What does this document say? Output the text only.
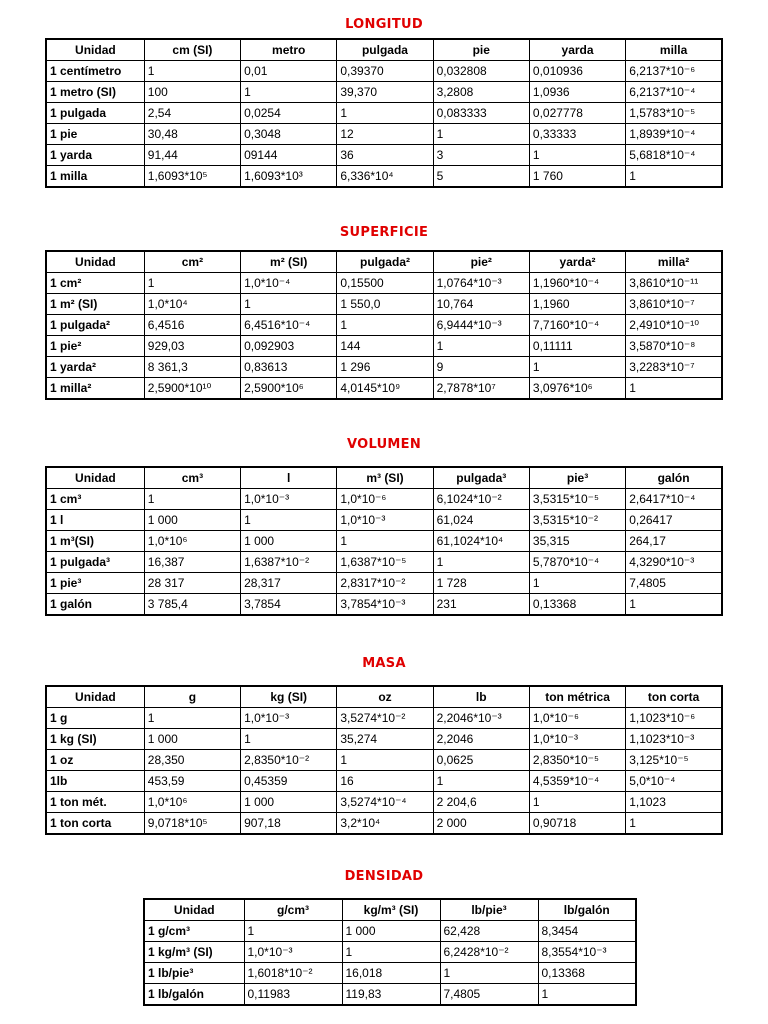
LONGITUD
Unidad	cm (SI)	metro	pulgada	pie	yarda	milla
1 centímetro	1	0,01	0,39370	0,032808	0,010936	6,2137*10⁻⁶
1 metro (SI)	100	1	39,370	3,2808	1,0936	6,2137*10⁻⁴
1 pulgada	2,54	0,0254	1	0,083333	0,027778	1,5783*10⁻⁵
1 pie	30,48	0,3048	12	1	0,33333	1,8939*10⁻⁴
1 yarda	91,44	09144	36	3	1	5,6818*10⁻⁴
1 milla	1,6093*10⁵	1,6093*10³	6,336*10⁴	5	1 760	1
SUPERFICIE
Unidad	cm²	m² (SI)	pulgada²	pie²	yarda²	milla²
1 cm²	1	1,0*10⁻⁴	0,15500	1,0764*10⁻³	1,1960*10⁻⁴	3,8610*10⁻¹¹
1 m² (SI)	1,0*10⁴	1	1 550,0	10,764	1,1960	3,8610*10⁻⁷
1 pulgada²	6,4516	6,4516*10⁻⁴	1	6,9444*10⁻³	7,7160*10⁻⁴	2,4910*10⁻¹⁰
1 pie²	929,03	0,092903	144	1	0,11111	3,5870*10⁻⁸
1 yarda²	8 361,3	0,83613	1 296	9	1	3,2283*10⁻⁷
1 milla²	2,5900*10¹⁰	2,5900*10⁶	4,0145*10⁹	2,7878*10⁷	3,0976*10⁶	1
VOLUMEN
Unidad	cm³	l	m³ (SI)	pulgada³	pie³	galón
1 cm³	1	1,0*10⁻³	1,0*10⁻⁶	6,1024*10⁻²	3,5315*10⁻⁵	2,6417*10⁻⁴
1 l	1 000	1	1,0*10⁻³	61,024	3,5315*10⁻²	0,26417
1 m³(SI)	1,0*10⁶	1 000	1	61,1024*10⁴	35,315	264,17
1 pulgada³	16,387	1,6387*10⁻²	1,6387*10⁻⁵	1	5,7870*10⁻⁴	4,3290*10⁻³
1 pie³	28 317	28,317	2,8317*10⁻²	1 728	1	7,4805
1 galón	3 785,4	3,7854	3,7854*10⁻³	231	0,13368	1
MASA
Unidad	g	kg (SI)	oz	lb	ton métrica	ton corta
1 g	1	1,0*10⁻³	3,5274*10⁻²	2,2046*10⁻³	1,0*10⁻⁶	1,1023*10⁻⁶
1 kg (SI)	1 000	1	35,274	2,2046	1,0*10⁻³	1,1023*10⁻³
1 oz	28,350	2,8350*10⁻²	1	0,0625	2,8350*10⁻⁵	3,125*10⁻⁵
1lb	453,59	0,45359	16	1	4,5359*10⁻⁴	5,0*10⁻⁴
1 ton mét.	1,0*10⁶	1 000	3,5274*10⁻⁴	2 204,6	1	1,1023
1 ton corta	9,0718*10⁵	907,18	3,2*10⁴	2 000	0,90718	1
DENSIDAD
Unidad	g/cm³	kg/m³ (SI)	lb/pie³	lb/galón
1 g/cm³	1	1 000	62,428	8,3454
1 kg/m³ (SI)	1,0*10⁻³	1	6,2428*10⁻²	8,3554*10⁻³
1 lb/pie³	1,6018*10⁻²	16,018	1	0,13368
1 lb/galón	0,11983	119,83	7,4805	1
